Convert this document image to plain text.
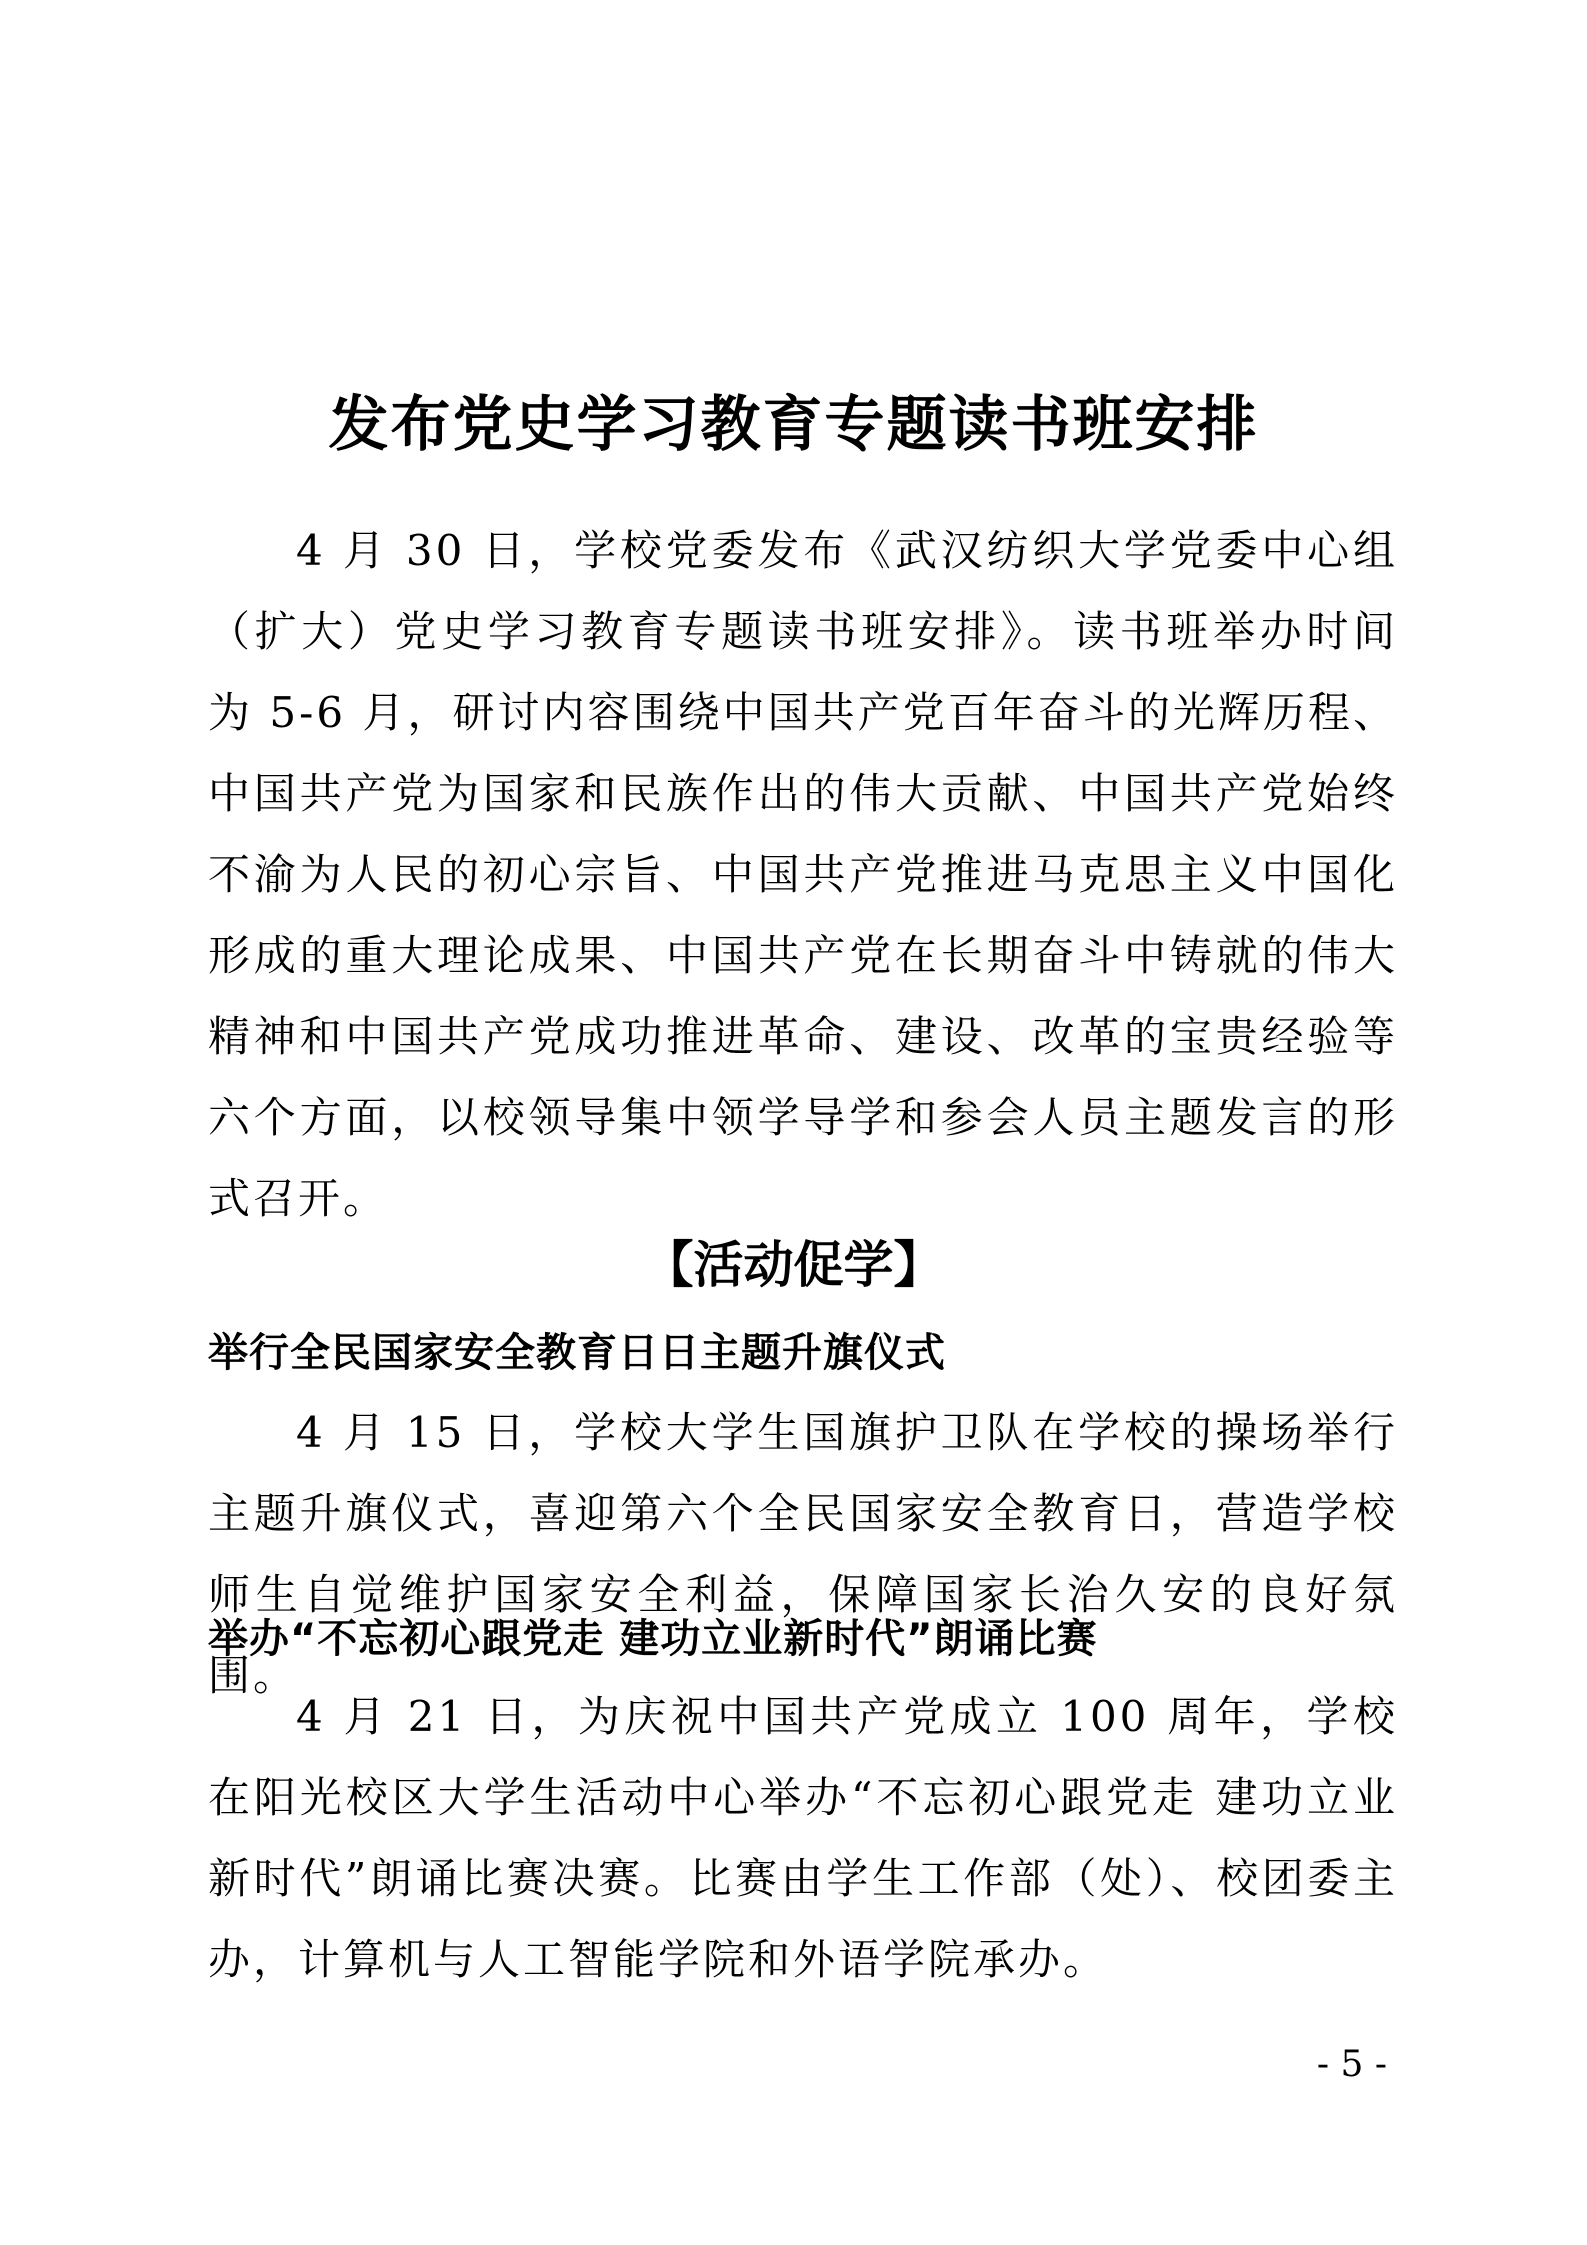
发布党史学习教育专题读书班安排

4 月 30 日，学校党委发布《武汉纺织大学党委中心组（扩大）党史学习教育专题读书班安排》。读书班举办时间为 5-6 月，研讨内容围绕中国共产党百年奋斗的光辉历程、中国共产党为国家和民族作出的伟大贡献、中国共产党始终不渝为人民的初心宗旨、中国共产党推进马克思主义中国化形成的重大理论成果、中国共产党在长期奋斗中铸就的伟大精神和中国共产党成功推进革命、建设、改革的宝贵经验等六个方面，以校领导集中领学导学和参会人员主题发言的形式召开。

【活动促学】
举行全民国家安全教育日日主题升旗仪式

4 月 15 日，学校大学生国旗护卫队在学校的操场举行主题升旗仪式，喜迎第六个全民国家安全教育日，营造学校师生自觉维护国家安全利益，保障国家长治久安的良好氛围。

举办“不忘初心跟党走 建功立业新时代”朗诵比赛

4 月 21 日，为庆祝中国共产党成立 100 周年，学校在阳光校区大学生活动中心举办“不忘初心跟党走 建功立业新时代”朗诵比赛决赛。比赛由学生工作部（处）、校团委主办，计算机与人工智能学院和外语学院承办。

- 5 -
